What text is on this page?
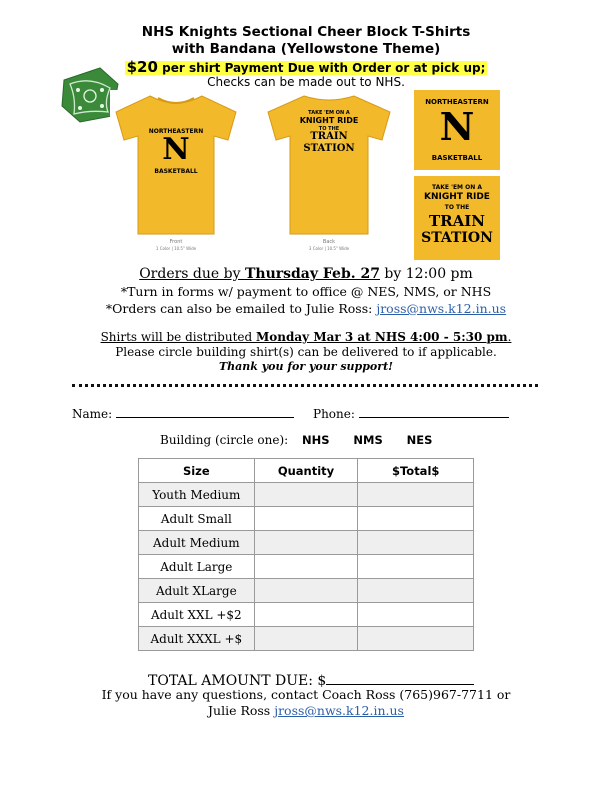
NHS Knights Sectional Cheer Block T-Shirts
with Bandana (Yellowstone Theme)
$20 per shirt Payment Due with Order or at pick up;
Checks can be made out to NHS.
NORTHEASTERN
N
BASKETBALL
Front
1 Color | 10.5" Wide
TAKE 'EM ON A
KNIGHT RIDE
TO THE
TRAIN
STATION
Back
3 Color | 10.5" Wide
NORTHEASTERN
N
BASKETBALL
TAKE 'EM ON A
KNIGHT RIDE
TO THE
TRAIN
STATION
Orders due by Thursday Feb. 27 by 12:00 pm
*Turn in forms w/ payment to office @ NES, NMS, or NHS
*Orders can also be emailed to Julie Ross: jross@nws.k12.in.us
Shirts will be distributed Monday Mar 3 at NHS 4:00 - 5:30 pm.
Please circle building shirt(s) can be delivered to if applicable.
Thank you for your support!
Name:	Phone:
Building (circle one): NHS NMS NES
Size	Quantity	$Total$
Youth Medium		
Adult Small		
Adult Medium		
Adult Large		
Adult XLarge		
Adult XXL +$2		
Adult XXXL +$		
TOTAL AMOUNT DUE: $
If you have any questions, contact Coach Ross (765)967-7711 or
Julie Ross jross@nws.k12.in.us
